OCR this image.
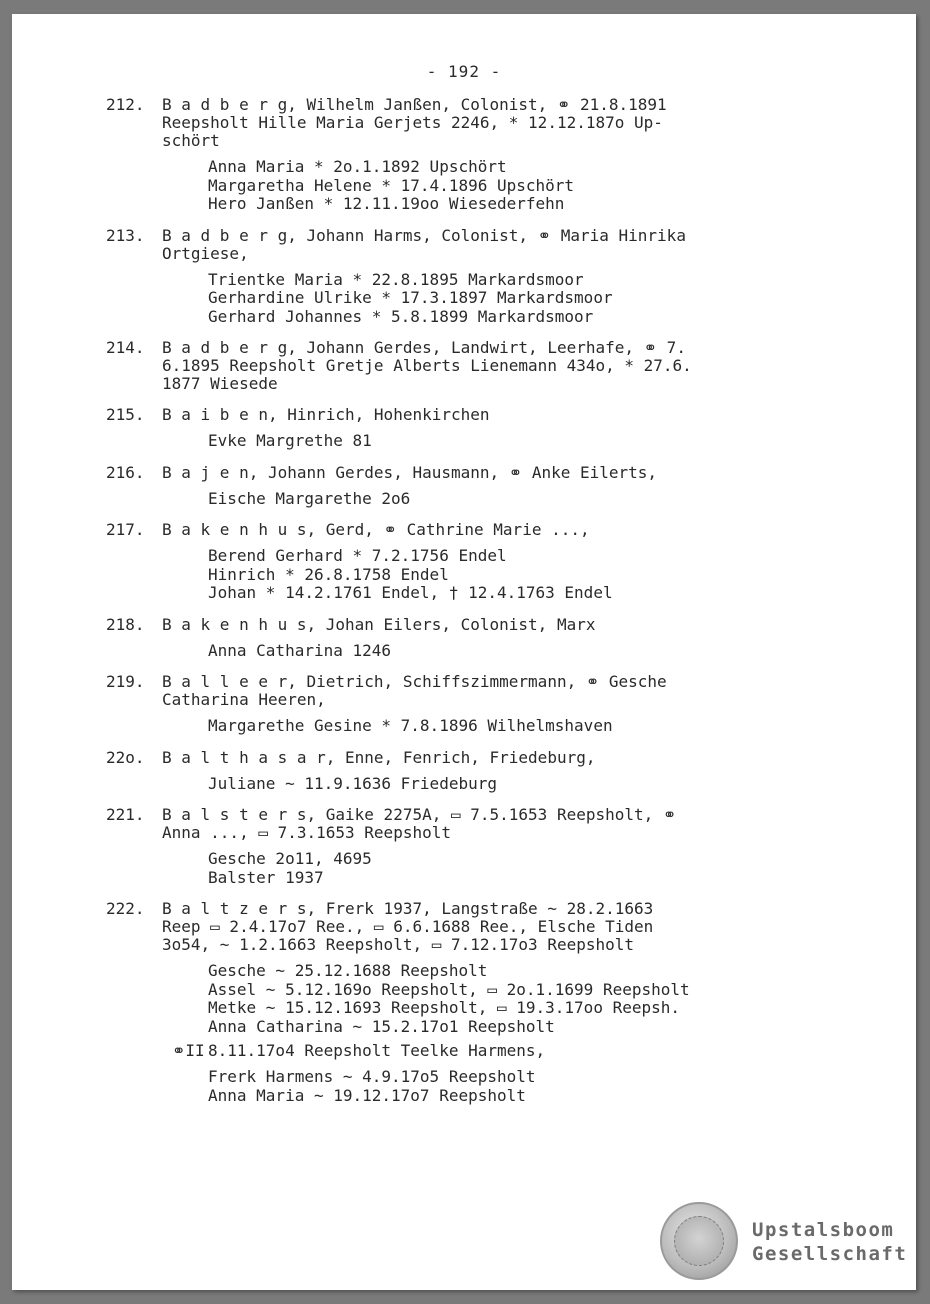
- 192 -
212. B a d b e r g, Wilhelm Janßen, Colonist, ⚭ 21.8.1891
Reepsholt Hille Maria Gerjets 2246, * 12.12.187o Up-
schört
Anna Maria * 2o.1.1892 Upschört
Margaretha Helene * 17.4.1896 Upschört
Hero Janßen * 12.11.19oo Wiesederfehn
213. B a d b e r g, Johann Harms, Colonist, ⚭ Maria Hinrika
Ortgiese,
Trientke Maria * 22.8.1895 Markardsmoor
Gerhardine Ulrike * 17.3.1897 Markardsmoor
Gerhard Johannes * 5.8.1899 Markardsmoor
214. B a d b e r g, Johann Gerdes, Landwirt, Leerhafe, ⚭ 7.
6.1895 Reepsholt Gretje Alberts Lienemann 434o, * 27.6.
1877 Wiesede
215. B a i b e n, Hinrich, Hohenkirchen
Evke Margrethe 81
216. B a j e n, Johann Gerdes, Hausmann, ⚭ Anke Eilerts,
Eische Margarethe 2o6
217. B a k e n h u s, Gerd, ⚭ Cathrine Marie ...,
Berend Gerhard * 7.2.1756 Endel
Hinrich * 26.8.1758 Endel
Johan * 14.2.1761 Endel, † 12.4.1763 Endel
218. B a k e n h u s, Johan Eilers, Colonist, Marx
Anna Catharina 1246
219. B a l l e e r, Dietrich, Schiffszimmermann, ⚭ Gesche
Catharina Heeren,
Margarethe Gesine * 7.8.1896 Wilhelmshaven
22o. B a l t h a s a r, Enne, Fenrich, Friedeburg,
Juliane ~ 11.9.1636 Friedeburg
221. B a l s t e r s, Gaike 2275A, ▭ 7.5.1653 Reepsholt, ⚭
Anna ..., ▭ 7.3.1653 Reepsholt
Gesche 2o11, 4695
Balster 1937
222. B a l t z e r s, Frerk 1937, Langstraße ~ 28.2.1663
Reep ▭ 2.4.17o7 Ree., ▭ 6.6.1688 Ree., Elsche Tiden
3o54, ~ 1.2.1663 Reepsholt, ▭ 7.12.17o3 Reepsholt
Gesche ~ 25.12.1688 Reepsholt
Assel ~ 5.12.169o Reepsholt, ▭ 2o.1.1699 Reepsholt
Metke ~ 15.12.1693 Reepsholt, ▭ 19.3.17oo Reepsh.
Anna Catharina ~ 15.2.17o1 Reepsholt
⚭II 8.11.17o4 Reepsholt Teelke Harmens,
Frerk Harmens ~ 4.9.17o5 Reepsholt
Anna Maria ~ 19.12.17o7 Reepsholt
Upstalsboom
Gesellschaft
